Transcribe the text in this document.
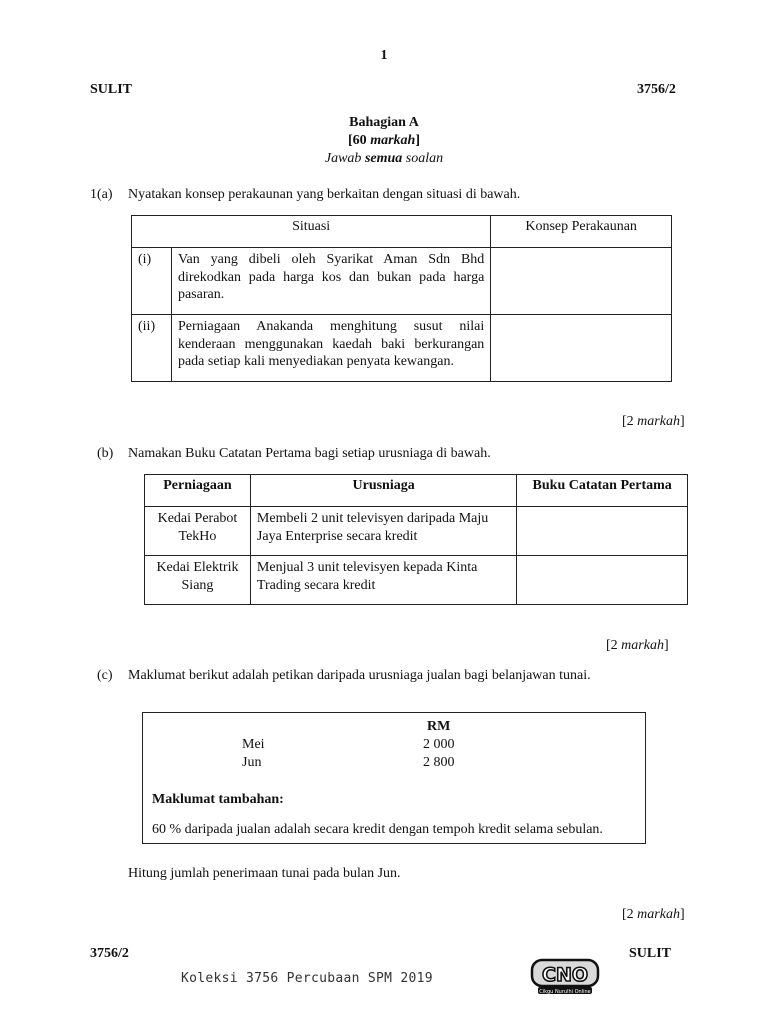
1
SULIT	3756/2
Bahagian A
[60 markah]
Jawab semua soalan
1(a) Nyatakan konsep perakaunan yang berkaitan dengan situasi di bawah.
Situasi		Konsep Perakaunan
(i)	Van yang dibeli oleh Syarikat Aman Sdn Bhd direkodkan pada harga kos dan bukan pada harga pasaran.	
(ii)	Perniagaan Anakanda menghitung susut nilai kenderaan menggunakan kaedah baki berkurangan pada setiap kali menyediakan penyata kewangan.	
[2 markah]
(b) Namakan Buku Catatan Pertama bagi setiap urusniaga di bawah.
Perniagaan	Urusniaga	Buku Catatan Pertama

Kedai Perabot
TekHo	Membeli 2 unit televisyen daripada Maju Jaya Enterprise secara kredit	

Kedai Elektrik
Siang	Menjual 3 unit televisyen kepada Kinta Trading secara kredit	
[2 markah]
(c) Maklumat berikut adalah petikan daripada urusniaga jualan bagi belanjawan tunai.
RM
Mei	2 000
Jun	2 800
Maklumat tambahan:
60 % daripada jualan adalah secara kredit dengan tempoh kredit selama sebulan.
Hitung jumlah penerimaan tunai pada bulan Jun.
[2 markah]
3756/2	SULIT
Koleksi 3756 Percubaan SPM 2019	CNO
Cikgu Nurulhi Online
